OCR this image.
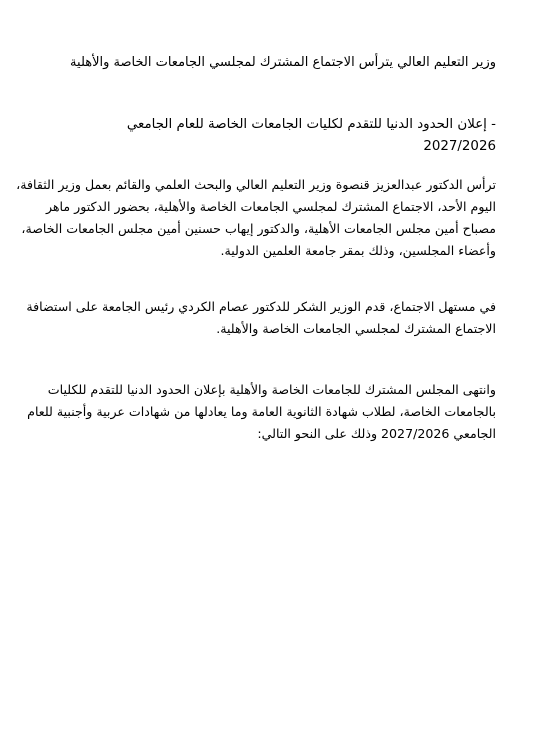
وزير التعليم العالي يترأس الاجتماع المشترك لمجلسي الجامعات الخاصة والأهلية
- إعلان الحدود الدنيا للتقدم لكليات الجامعات الخاصة للعام الجامعي 2027/2026
ترأس الدكتور عبدالعزيز قنصوة وزير التعليم العالي والبحث العلمي والقائم بعمل وزير الثقافة،
اليوم الأحد، الاجتماع المشترك لمجلسي الجامعات الخاصة والأهلية، بحضور الدكتور ماهر
مصباح أمين مجلس الجامعات الأهلية، والدكتور إيهاب حسنين أمين مجلس الجامعات الخاصة،
وأعضاء المجلسين، وذلك بمقر جامعة العلمين الدولية.
في مستهل الاجتماع، قدم الوزير الشكر للدكتور عصام الكردي رئيس الجامعة على استضافة
الاجتماع المشترك لمجلسي الجامعات الخاصة والأهلية.
وانتهى المجلس المشترك للجامعات الخاصة والأهلية بإعلان الحدود الدنيا للتقدم للكليات
بالجامعات الخاصة، لطلاب شهادة الثانوية العامة وما يعادلها من شهادات عربية وأجنبية للعام
الجامعي 2027/2026 وذلك على النحو التالي:
